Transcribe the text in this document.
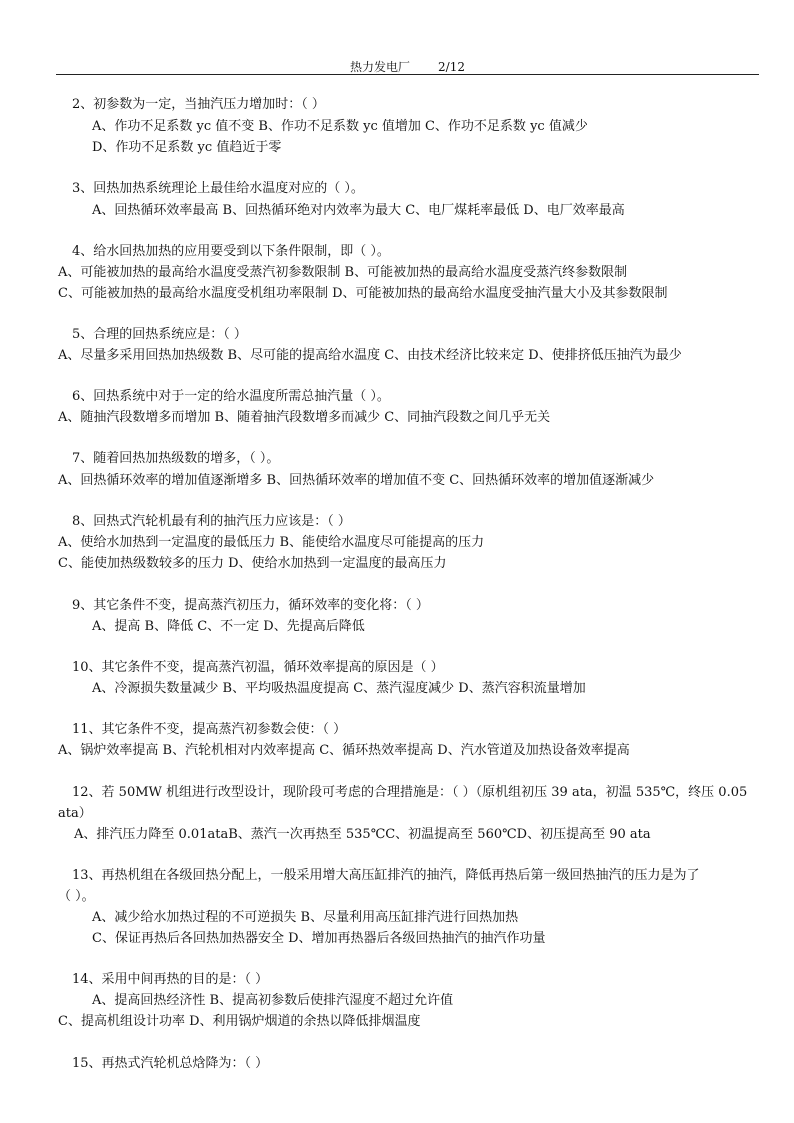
热力发电厂 2/12
2、初参数为一定，当抽汽压力增加时：（ ）
A、作功不足系数 yc 值不变 B、作功不足系数 yc 值增加 C、作功不足系数 yc 值减少
D、作功不足系数 yc 值趋近于零
3、回热加热系统理论上最佳给水温度对应的（ ）。
A、回热循环效率最高 B、回热循环绝对内效率为最大 C、电厂煤耗率最低 D、电厂效率最高
4、给水回热加热的应用要受到以下条件限制，即（ ）。
A、可能被加热的最高给水温度受蒸汽初参数限制 B、可能被加热的最高给水温度受蒸汽终参数限制
C、可能被加热的最高给水温度受机组功率限制 D、可能被加热的最高给水温度受抽汽量大小及其参数限制
5、合理的回热系统应是：（ ）
A、尽量多采用回热加热级数 B、尽可能的提高给水温度 C、由技术经济比较来定 D、使排挤低压抽汽为最少
6、回热系统中对于一定的给水温度所需总抽汽量（ ）。
A、随抽汽段数增多而增加 B、随着抽汽段数增多而减少 C、同抽汽段数之间几乎无关
7、随着回热加热级数的增多，（ ）。
A、回热循环效率的增加值逐渐增多 B、回热循环效率的增加值不变 C、回热循环效率的增加值逐渐减少
8、回热式汽轮机最有利的抽汽压力应该是：（ ）
A、使给水加热到一定温度的最低压力 B、能使给水温度尽可能提高的压力
C、能使加热级数较多的压力 D、使给水加热到一定温度的最高压力
9、其它条件不变，提高蒸汽初压力，循环效率的变化将：（ ）
A、提高 B、降低 C、不一定 D、先提高后降低
10、其它条件不变，提高蒸汽初温，循环效率提高的原因是（ ）
A、冷源损失数量减少 B、平均吸热温度提高 C、蒸汽湿度减少 D、蒸汽容积流量增加
11、其它条件不变，提高蒸汽初参数会使：（ ）
A、锅炉效率提高 B、汽轮机相对内效率提高 C、循环热效率提高 D、汽水管道及加热设备效率提高
12、若 50MW 机组进行改型设计，现阶段可考虑的合理措施是：（ ）（原机组初压 39 ata，初温 535℃，终压 0.05
ata）
A、排汽压力降至 0.01ataB、蒸汽一次再热至 535℃C、初温提高至 560℃D、初压提高至 90 ata
13、再热机组在各级回热分配上，一般采用增大高压缸排汽的抽汽，降低再热后第一级回热抽汽的压力是为了
（ ）。
A、减少给水加热过程的不可逆损失 B、尽量利用高压缸排汽进行回热加热
C、保证再热后各回热加热器安全 D、增加再热器后各级回热抽汽的抽汽作功量
14、采用中间再热的目的是：（ ）
A、提高回热经济性 B、提高初参数后使排汽湿度不超过允许值
C、提高机组设计功率 D、利用锅炉烟道的余热以降低排烟温度
15、再热式汽轮机总焓降为：（ ）
